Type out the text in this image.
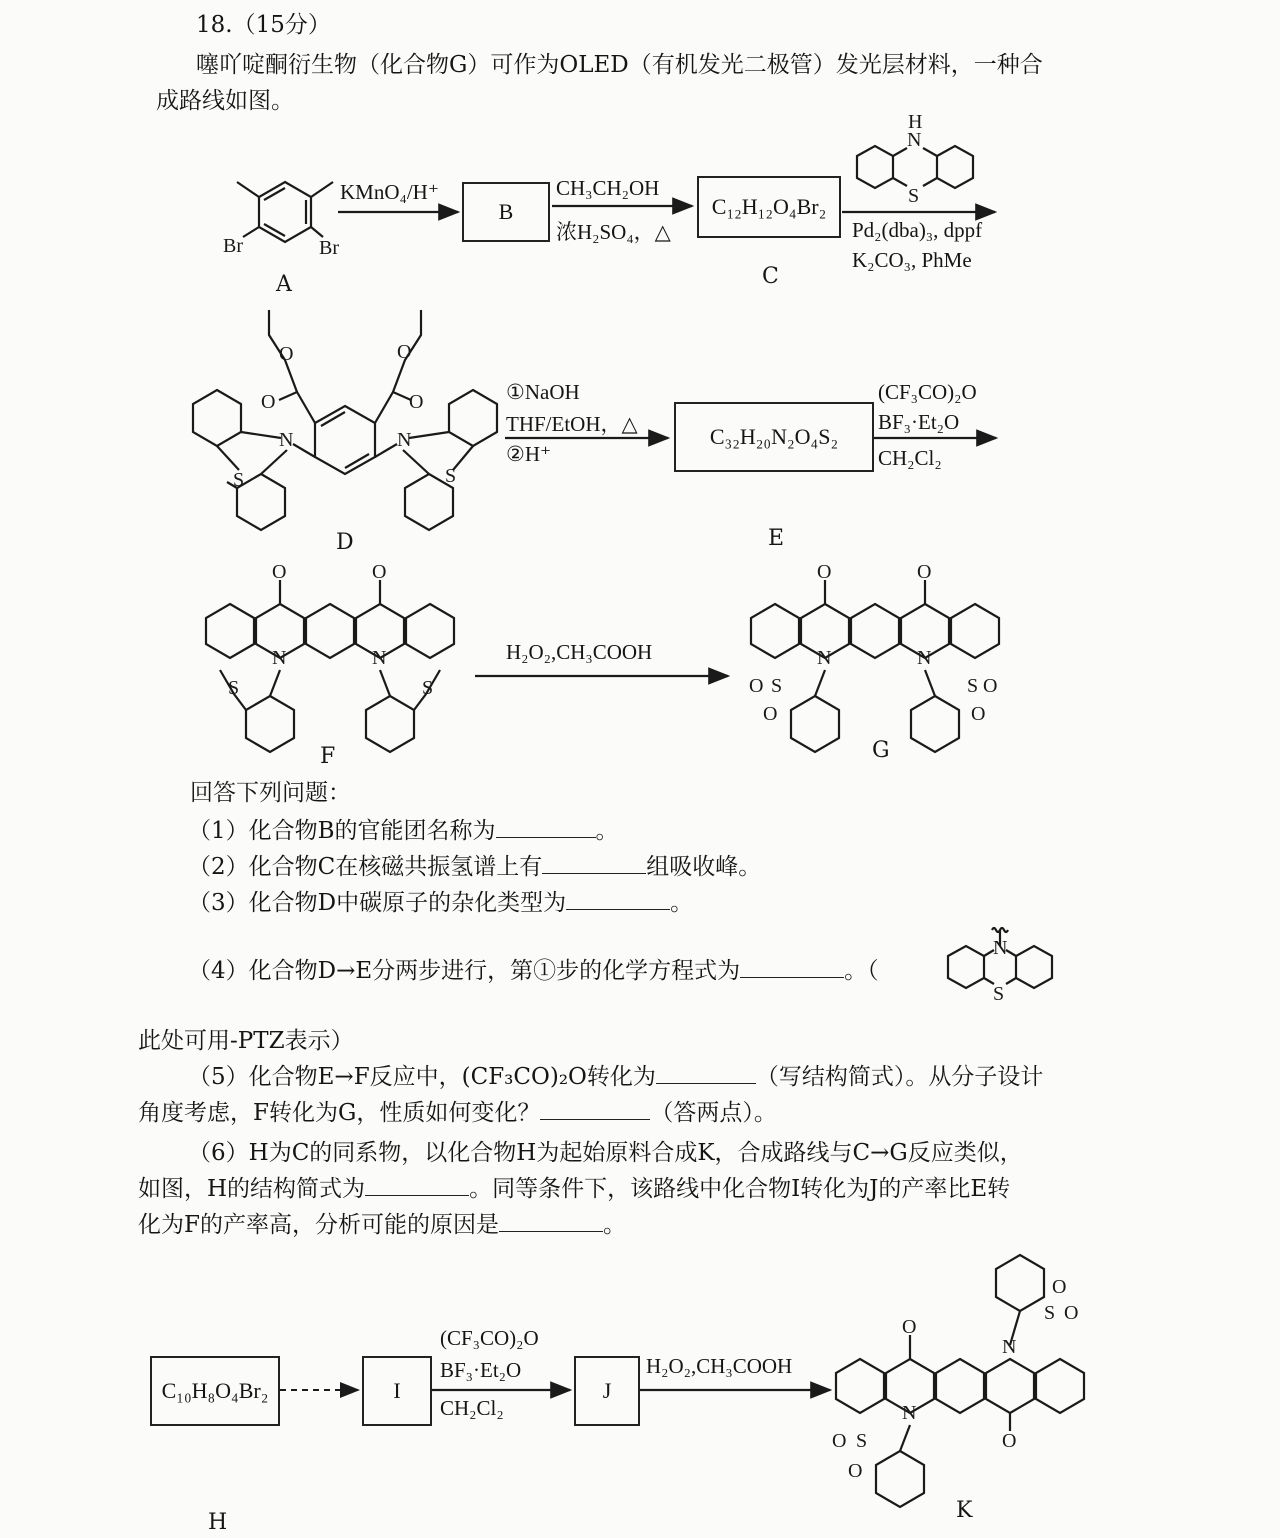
18.（15分）
噻吖啶酮衍生物（化合物G）可作为OLED（有机发光二极管）发光层材料，一种合
成路线如图。
Br	Br
N
H
S
O
O
O
O
N	N
S	S
O	O
N	N
S	S
O	O
N	N
S
O
O
S O
O
N
S
O
O
N
N
S
O
O
S O
O
A
KMnO₄/H⁺
B
CH₃CH₂OH
浓H₂SO₄，△
C₁₂H₁₂O₄Br₂
C
Pd₂(dba)₃, dppf
K₂CO₃, PhMe
D
①NaOH
THF/EtOH，△
②H⁺
C₃₂H₂₀N₂O₄S₂
E
(CF₃CO)₂O
BF₃·Et₂O
CH₂Cl₂
F
H₂O₂,CH₃COOH
G
回答下列问题：
（1）化合物B的官能团名称为	。
（2）化合物C在核磁共振氢谱上有	组吸收峰。
（3）化合物D中碳原子的杂化类型为	。
（4）化合物D→E分两步进行，第①步的化学方程式为	。（
此处可用-PTZ表示）
（5）化合物E→F反应中，(CF₃CO)₂O转化为	（写结构简式）。从分子设计
角度考虑，F转化为G，性质如何变化？	（答两点）。
（6）H为C的同系物，以化合物H为起始原料合成K，合成路线与C→G反应类似，
如图，H的结构简式为	。同等条件下，该路线中化合物I转化为J的产率比E转
化为F的产率高，分析可能的原因是	。
C₁₀H₈O₄Br₂	I
(CF₃CO)₂O
BF₃·Et₂O
CH₂Cl₂
J
H₂O₂,CH₃COOH
H	K
